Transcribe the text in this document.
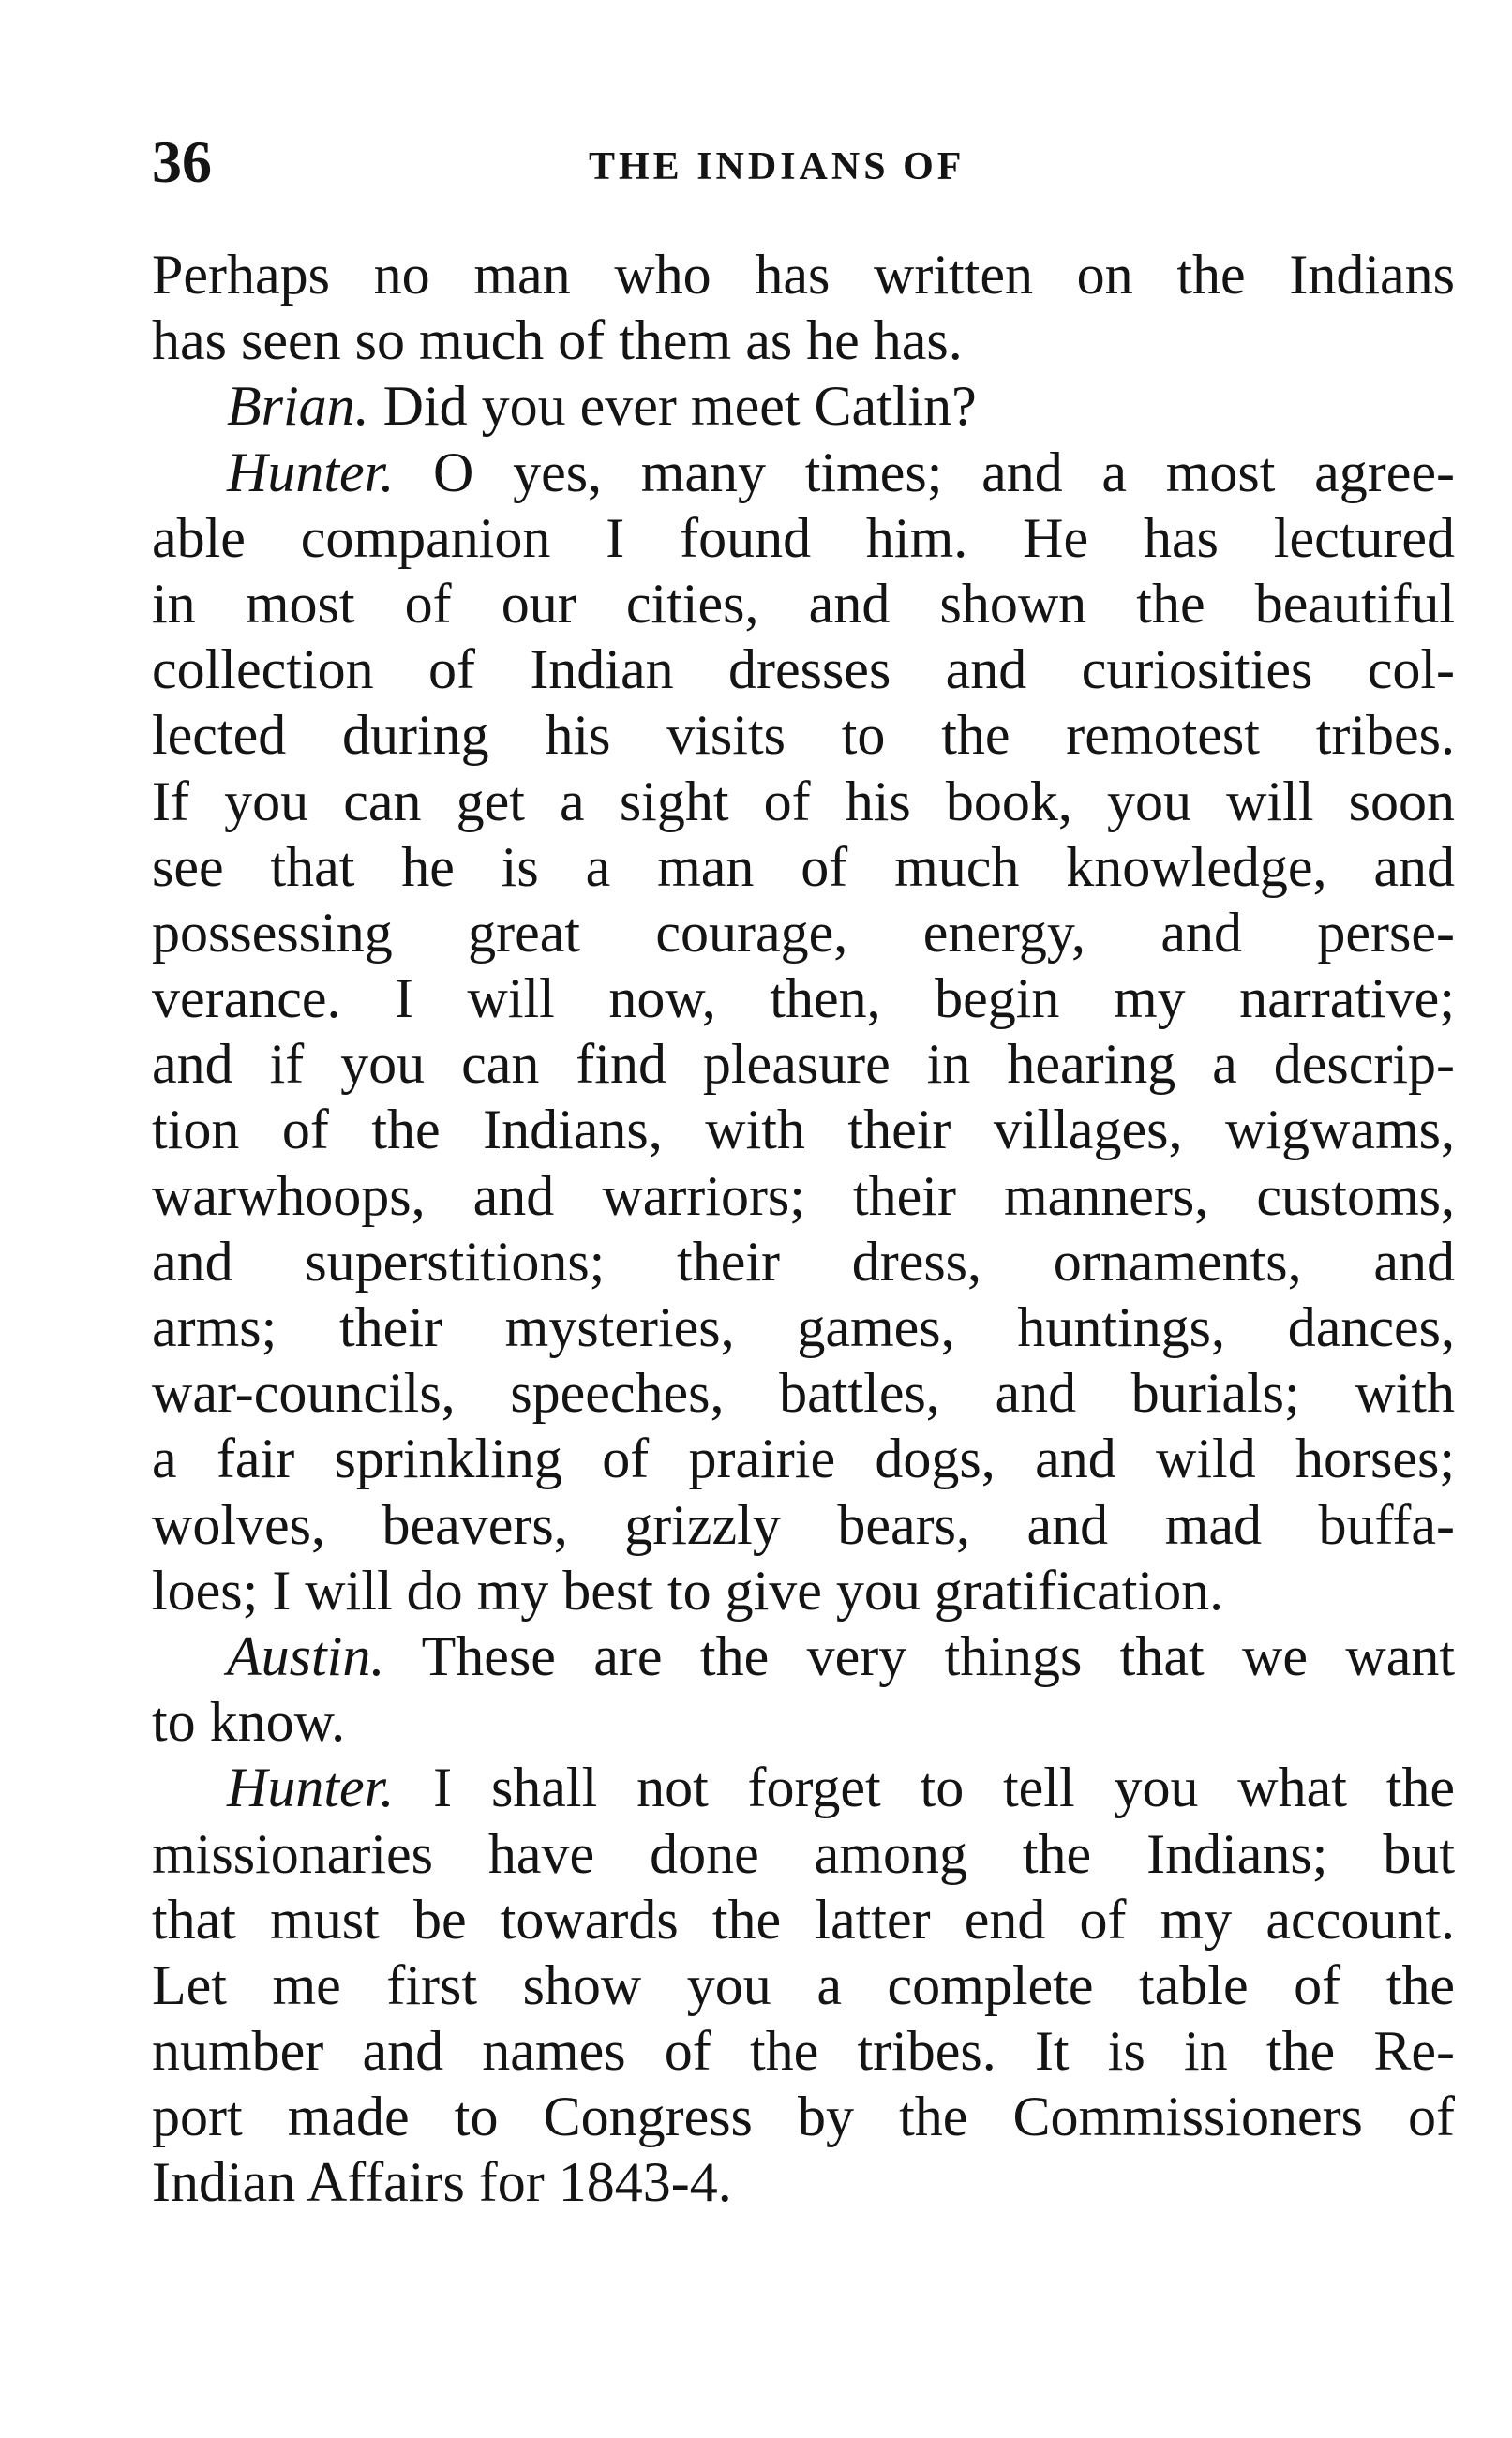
36	THE INDIANS OF
Perhaps no man who has written on the Indians
has seen so much of them as he has.
Brian. Did you ever meet Catlin?
Hunter. O yes, many times; and a most agree-
able companion I found him. He has lectured
in most of our cities, and shown the beautiful
collection of Indian dresses and curiosities col-
lected during his visits to the remotest tribes.
If you can get a sight of his book, you will soon
see that he is a man of much knowledge, and
possessing great courage, energy, and perse-
verance. I will now, then, begin my narrative;
and if you can find pleasure in hearing a descrip-
tion of the Indians, with their villages, wigwams,
warwhoops, and warriors; their manners, customs,
and superstitions; their dress, ornaments, and
arms; their mysteries, games, huntings, dances,
war-councils, speeches, battles, and burials; with
a fair sprinkling of prairie dogs, and wild horses;
wolves, beavers, grizzly bears, and mad buffa-
loes; I will do my best to give you gratification.
Austin. These are the very things that we want
to know.
Hunter. I shall not forget to tell you what the
missionaries have done among the Indians; but
that must be towards the latter end of my account.
Let me first show you a complete table of the
number and names of the tribes. It is in the Re-
port made to Congress by the Commissioners of
Indian Affairs for 1843-4.
